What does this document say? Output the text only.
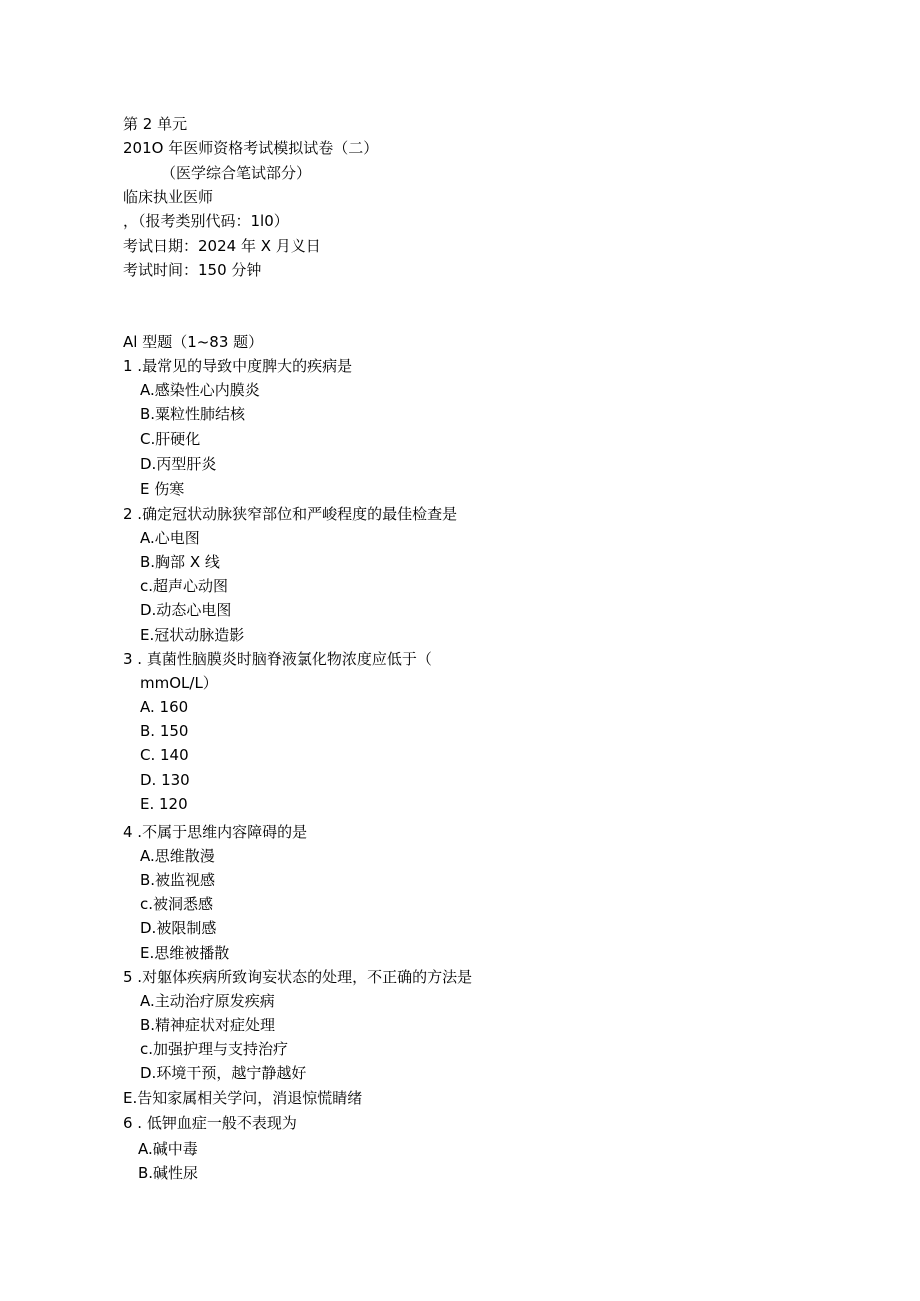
第 2 单元
201O 年医师资格考试模拟试卷（二）
（医学综合笔试部分）
临床执业医师
，（报考类别代码：1l0）
考试日期：2024 年 X 月义日
考试时间：150 分钟
Al 型题（1~83 题）
1 .最常见的导致中度脾大的疾病是
A.感染性心内膜炎
B.粟粒性肺结核
C.肝硬化
D.丙型肝炎
E 伤寒
2 .确定冠状动脉狭窄部位和严峻程度的最佳检查是
A.心电图
B.胸部 X 线
c.超声心动图
D.动态心电图
E.冠状动脉造影
3 . 真菌性脑膜炎时脑脊液氯化物浓度应低于（
mmOL/L）
A. 160
B. 150
C. 140
D. 130
E. 120
4 .不属于思维内容障碍的是
A.思维散漫
B.被监视感
c.被洞悉感
D.被限制感
E.思维被播散
5 .对躯体疾病所致询妄状态的处理，不正确的方法是
A.主动治疗原发疾病
B.精神症状对症处理
c.加强护理与支持治疗
D.环境干预，越宁静越好
E.告知家属相关学问，消退惊慌睛绪
6 . 低钾血症一般不表现为
A.碱中毒
B.碱性尿
